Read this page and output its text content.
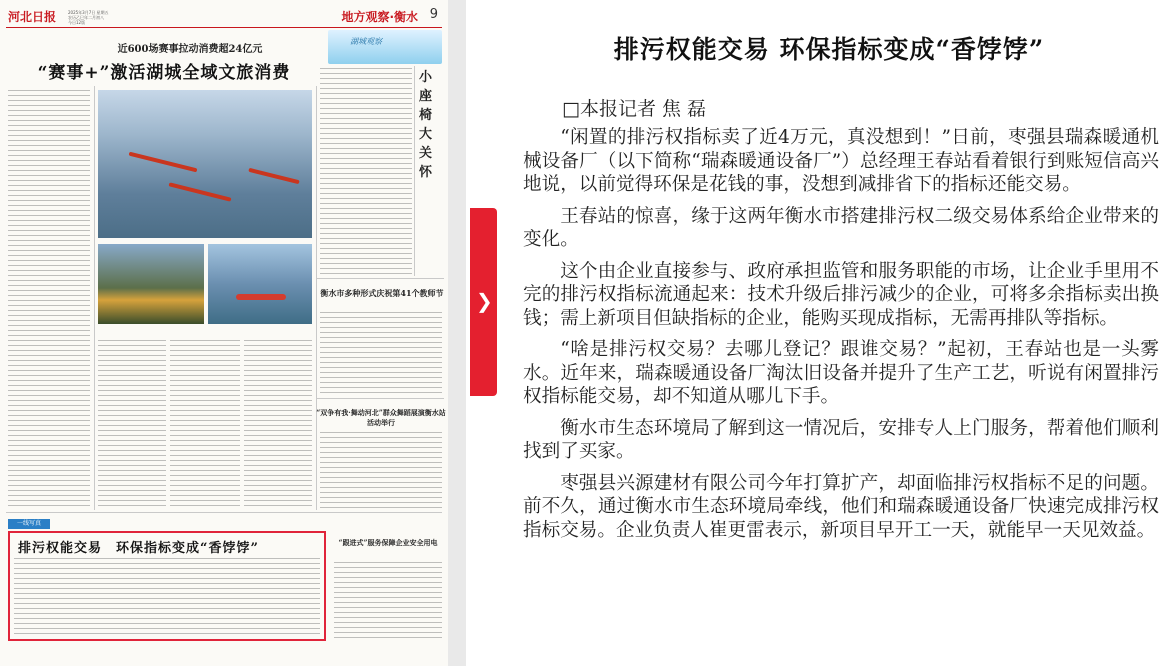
河北日报	2025年3月7日 星期五
农历乙巳年二月初八
今日12版	地方观察·衡水 9
近600场赛事拉动消费超24亿元
“赛事+”激活湖城全域文旅消费
湖城观察
小座椅大关怀
衡水市多种形式庆祝第41个教师节
“双争有我·舞动河北”群众舞蹈展演衡水站活动举行
一线写真
排污权能交易　环保指标变成“香饽饽”	“跟进式”服务保障企业安全用电
❯
排污权能交易 环保指标变成“香饽饽”
□本报记者 焦 磊

“闲置的排污权指标卖了近4万元，真没想到！”日前，枣强县瑞森暖通机械设备厂（以下简称“瑞森暖通设备厂”）总经理王春站看着银行到账短信高兴地说，以前觉得环保是花钱的事，没想到减排省下的指标还能交易。

王春站的惊喜，缘于这两年衡水市搭建排污权二级交易体系给企业带来的变化。

这个由企业直接参与、政府承担监管和服务职能的市场，让企业手里用不完的排污权指标流通起来：技术升级后排污减少的企业，可将多余指标卖出换钱；需上新项目但缺指标的企业，能购买现成指标，无需再排队等指标。

“啥是排污权交易？去哪儿登记？跟谁交易？”起初，王春站也是一头雾水。近年来，瑞森暖通设备厂淘汰旧设备并提升了生产工艺，听说有闲置排污权指标能交易，却不知道从哪儿下手。

衡水市生态环境局了解到这一情况后，安排专人上门服务，帮着他们顺利找到了买家。

枣强县兴源建材有限公司今年打算扩产，却面临排污权指标不足的问题。前不久，通过衡水市生态环境局牵线，他们和瑞森暖通设备厂快速完成排污权指标交易。企业负责人崔更雷表示，新项目早开工一天，就能早一天见效益。
